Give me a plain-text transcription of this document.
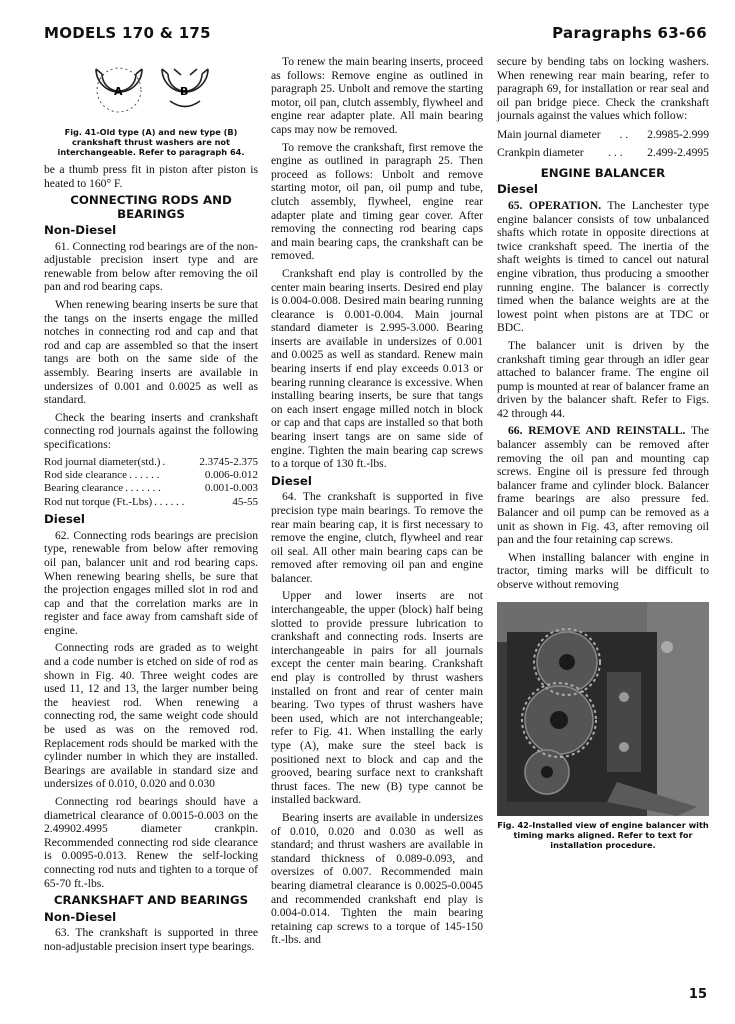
MODELS 170 & 175	Paragraphs 63-66
A	B
Fig. 41-Old type (A) and new type (B) crankshaft thrust washers are not interchangeable. Refer to paragraph 64.

be a thumb press fit in piston after piston is heated to 160° F.

CONNECTING RODS AND BEARINGS
Non-Diesel

61. Connecting rod bearings are of the non-adjustable precision insert type and are renewable from below after removing the oil pan and rod bearing caps.

When renewing bearing inserts be sure that the tangs on the inserts engage the milled notches in connecting rod and cap and that rod and cap are assembled so that the insert tangs are both on the same side of the assembly. Bearing inserts are available in undersizes of 0.001 and 0.0025 as well as standard.

Check the bearing inserts and crankshaft connecting rod journals against the following specifications:

Rod journal diameter(std.) .	2.3745-2.375
Rod side clearance . . . . . .	0.006-0.012
Bearing clearance . . . . . . .	0.001-0.003
Rod nut torque (Ft.-Lbs) . . . . . .	45-55
Diesel

62. Connecting rods bearings are precision type, renewable from below after removing oil pan, balancer unit and rod bearing caps. When renewing bearing shells, be sure that the projection engages milled slot in rod and cap and that the correlation marks are in register and face away from camshaft side of engine.

Connecting rods are graded as to weight and a code number is etched on side of rod as shown in Fig. 40. Three weight codes are used 11, 12 and 13, the larger number being the heaviest rod. When renewing a connecting rod, the same weight code should be used as was on the removed rod. Replacement rods should be marked with the cylinder number in which they are installed. Bearings are available in standard size and undersizes of 0.010, 0.020 and 0.030

Connecting rod bearings should have a diametrical clearance of 0.0015-0.003 on the 2.49902.4995 diameter crankpin. Recommended connecting rod side clearance is 0.0095-0.013. Renew the self-locking connecting rod nuts and tighten to a torque of 65-70 ft.-lbs.

CRANKSHAFT AND BEARINGS
Non-Diesel

63. The crankshaft is supported in three non-adjustable precision insert type bearings.

To renew the main bearing inserts, proceed as follows: Remove engine as outlined in paragraph 25. Unbolt and remove the starting motor, oil pan, clutch assembly, flywheel and engine rear adapter plate. All main bearing caps may now be removed.

To remove the crankshaft, first remove the engine as outlined in paragraph 25. Then proceed as follows: Unbolt and remove starting motor, oil pan, oil pump and tube, clutch assembly, flywheel, engine rear adapter plate and timing gear cover. After removing the connecting rod bearing caps and main bearing caps, the crankshaft can be removed.

Crankshaft end play is controlled by the center main bearing inserts. Desired end play is 0.004-0.008. Desired main bearing running clearance is 0.001-0.004. Main journal standard diameter is 2.995-3.000. Bearing inserts are available in undersizes of 0.001 and 0.0025 as well as standard. Renew main bearing inserts if end play exceeds 0.013 or bearing running clearance is excessive. When installing bearing inserts, be sure that tangs on each insert engage milled notch in block or cap and that caps are installed so that both bearing insert tangs are on same side of engine. Tighten the main bearing cap screws to a torque of 130 ft.-lbs.

Diesel

64. The crankshaft is supported in five precision type main bearings. To remove the rear main bearing cap, it is first necessary to remove the engine, clutch, flywheel and rear oil seal. All other main bearing caps can be removed after removing oil pan and engine balancer.

Upper and lower inserts are not interchangeable, the upper (block) half being slotted to provide pressure lubrication to crankshaft and connecting rods. Inserts are interchangeable in pairs for all journals except the center main bearing. Crankshaft end play is controlled by thrust washers installed on front and rear of center main bearing. Two types of thrust washers have been used, which are not interchangeable; refer to Fig. 41. When installing the early type (A), make sure the steel back is positioned next to block and cap and the grooved, bearing surface next to crankshaft thrust faces. The new (B) type cannot be installed backward.

Bearing inserts are available in undersizes of 0.010, 0.020 and 0.030 as well as standard; and thrust washers are available in standard thickness of 0.089-0.093, and oversizes of 0.007. Recommended main bearing diametral clearance is 0.0025-0.0045 and recommended crankshaft end play is 0.004-0.014. Tighten the main bearing retaining cap screws to a torque of 145-150 ft.-lbs. and

secure by bending tabs on locking washers. When renewing rear main bearing, refer to paragraph 69, for installation or rear seal and oil pan bridge piece. Check the crankshaft journals against the values which follow:

Main journal diameter . . 2.9985-2.999
Crankpin diameter . . . 2.499-2.4995
ENGINE BALANCER
Diesel

65. OPERATION. The Lanchester type engine balancer consists of tow unbalanced shafts which rotate in opposite directions at twice crankshaft speed. The inertia of the shaft weights is timed to cancel out natural engine vibration, thus producing a smoother running engine. The balancer is correctly timed when the balance weights are at the lowest point when pistons are at TDC or BDC.

The balancer unit is driven by the crankshaft timing gear through an idler gear attached to balancer frame. The engine oil pump is mounted at rear of balancer frame an driven by the balancer shaft. Refer to Figs. 42 through 44.

66. REMOVE AND REINSTALL. The balancer assembly can be removed after removing the oil pan and mounting cap screws. Engine oil is pressure fed through balancer frame and cylinder block. Balancer frame bearings are also pressure fed. Balancer and oil pump can be removed as a unit as shown in Fig. 43, after removing oil pan and the four retaining cap screws.

When installing balancer with engine in tractor, timing marks will be difficult to observe without removing

Fig. 42-Installed view of engine balancer with timing marks aligned. Refer to text for installation procedure.
15
